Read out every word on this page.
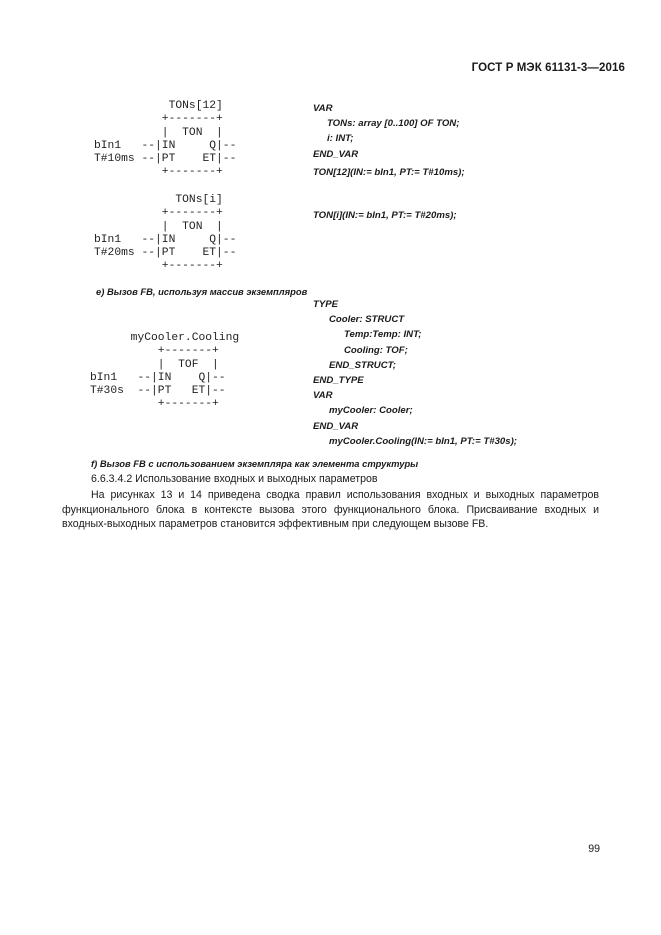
ГОСТ Р МЭК 61131-3—2016
TONs[12]
+-------+
|  TON  |
bIn1   --|IN     Q|--
T#10ms --|PT    ET|--
+-------+
VAR
TONs: array [0..100] OF TON;
i: INT;
END_VAR
TON[12](IN:= bIn1, PT:= T#10ms);
TONs[i]
+-------+
|  TON  |
bIn1   --|IN     Q|--
T#20ms --|PT    ET|--
+-------+
TON[i](IN:= bIn1, PT:= T#20ms);
e) Вызов FB, используя массив экземпляров
TYPE
Cooler: STRUCT
Temp:Temp: INT;
Cooling: TOF;
END_STRUCT;
END_TYPE
VAR
myCooler: Cooler;
END_VAR
myCooler.Cooling(IN:= bIn1, PT:= T#30s);
myCooler.Cooling
+-------+
|  TOF  |
bIn1   --|IN    Q|--
T#30s  --|PT   ET|--
+-------+
f) Вызов FB с использованием экземпляра как элемента структуры
6.6.3.4.2 Использование входных и выходных параметров
На рисунках 13 и 14 приведена сводка правил использования входных и выходных параметров функционального блока в контексте вызова этого функционального блока. Присваивание входных и входных-выходных параметров становится эффективным при следующем вызове FB.
99
